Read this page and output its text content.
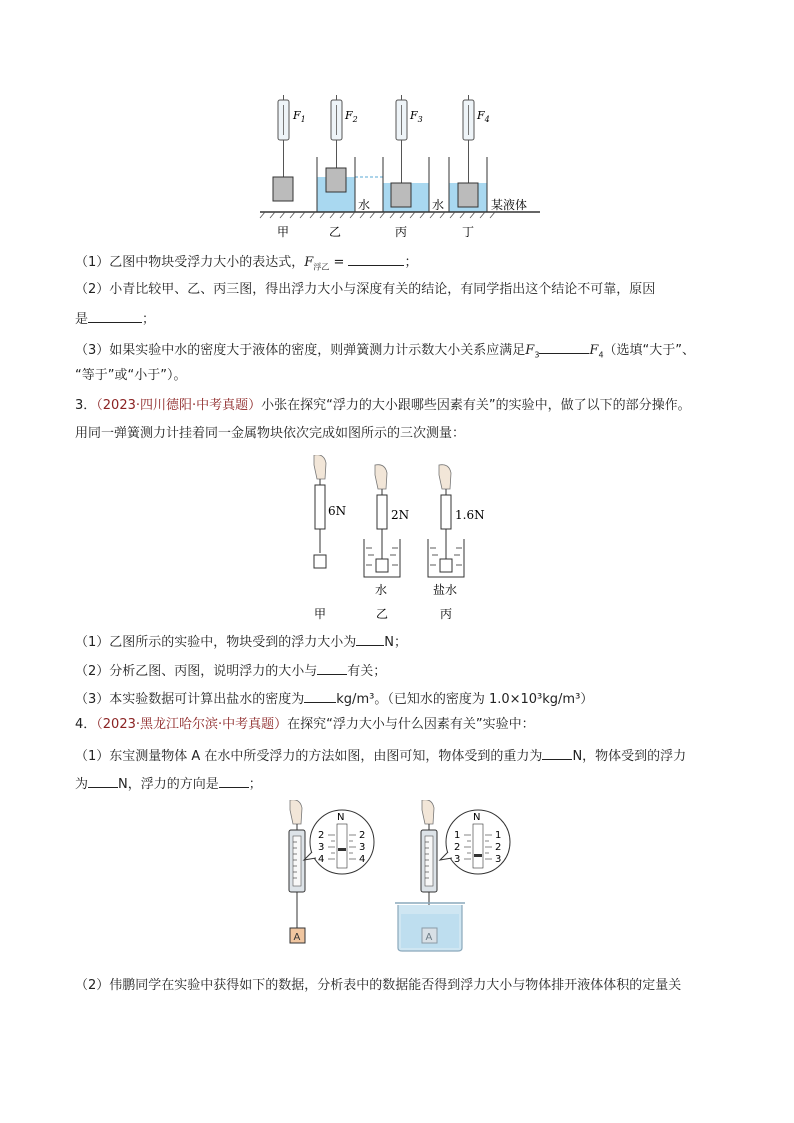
$F_1$	$F_2$	$F_3$	$F_4$
水	水	某液体
甲	乙	丙	丁
（1）乙图中物块受浮力大小的表达式，$F_{浮乙}$ =	；
（2）小青比较甲、乙、丙三图，得出浮力大小与深度有关的结论，有同学指出这个结论不可靠，原因
是	；
（3）如果实验中水的密度大于液体的密度，则弹簧测力计示数大小关系应满足$F_3$	$F_4$（选填“大于”、
“等于”或“小于”）。
3．（2023·四川德阳·中考真题）小张在探究“浮力的大小跟哪些因素有关”的实验中，做了以下的部分操作。
用同一弹簧测力计挂着同一金属物块依次完成如图所示的三次测量：
6N	2N	1.6N
水	盐水
甲	乙	丙
（1）乙图所示的实验中，物块受到的浮力大小为 N；
（2）分析乙图、丙图，说明浮力的大小与 有关；
（3）本实验数据可计算出盐水的密度为 kg/m³。（已知水的密度为 1.0×10³kg/m³）
4．（2023·黑龙江哈尔滨·中考真题）在探究“浮力大小与什么因素有关”实验中：
（1）东宝测量物体 A 在水中所受浮力的方法如图，由图可知，物体受到的重力为 N，物体受到的浮力
为 N，浮力的方向是 ；
A
N
2
3
4
2
3
4
A
N
1
2
3
1
2
3
（2）伟鹏同学在实验中获得如下的数据，分析表中的数据能否得到浮力大小与物体排开液体体积的定量关
